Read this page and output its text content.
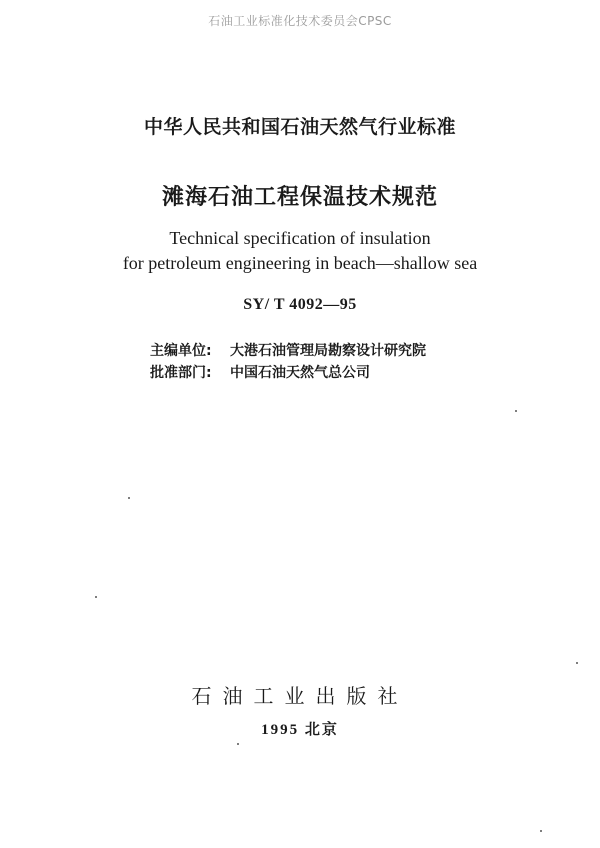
石油工业标准化技术委员会CPSC
中华人民共和国石油天然气行业标准
滩海石油工程保温技术规范
Technical specification of insulation
for petroleum engineering in beach—shallow sea
SY/ T 4092—95
主编单位: 大港石油管理局勘察设计研究院
批准部门: 中国石油天然气总公司
石油工业出版社
1995 北京
